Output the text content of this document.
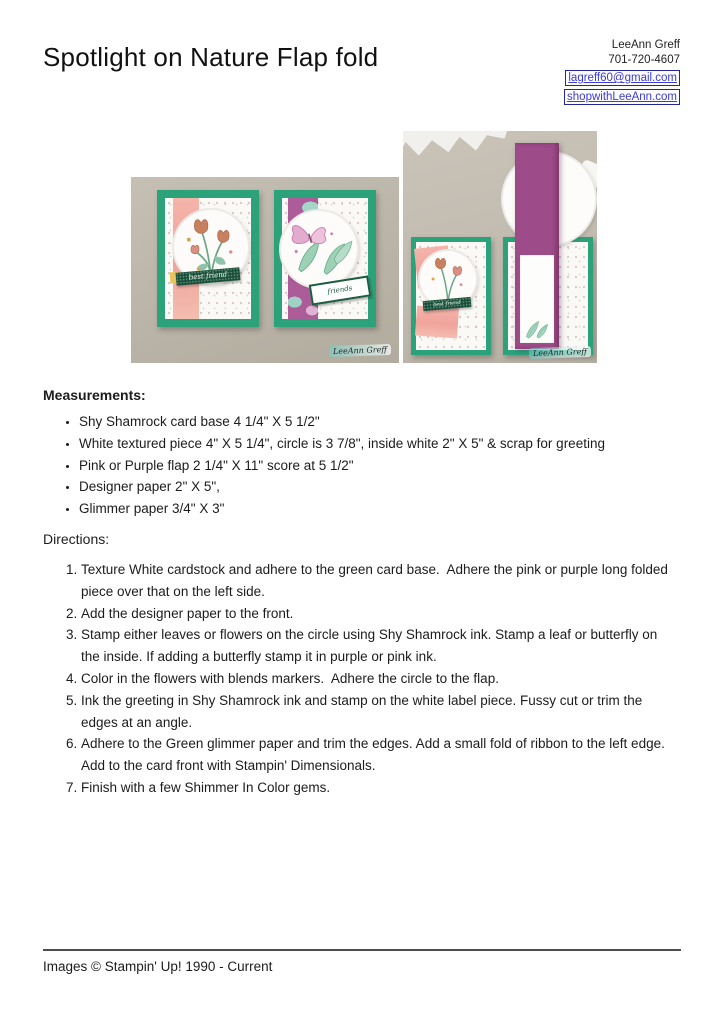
Spotlight on Nature Flap fold	LeeAnn Greff
701-720-4607
lagreff60@gmail.com
shopwithLeeAnn.com
best friend
friends
LeeAnn Greff
best friend
LeeAnn Greff
Measurements:
• Shy Shamrock card base 4 1/4" X 5 1/2"
• White textured piece 4" X 5 1/4", circle is 3 7/8", inside white 2" X 5" & scrap for greeting
• Pink or Purple flap 2 1/4" X 11" score at 5 1/2"
• Designer paper 2" X 5",
• Glimmer paper 3/4" X 3"
Directions:
1. Texture White cardstock and adhere to the green card base.  Adhere the pink or purple long folded piece over that on the left side.
2. Add the designer paper to the front.
3. Stamp either leaves or flowers on the circle using Shy Shamrock ink. Stamp a leaf or butterfly on the inside. If adding a butterfly stamp it in purple or pink ink.
4. Color in the flowers with blends markers.  Adhere the circle to the flap.
5. Ink the greeting in Shy Shamrock ink and stamp on the white label piece. Fussy cut or trim the edges at an angle.
6. Adhere to the Green glimmer paper and trim the edges. Add a small fold of ribbon to the left edge. Add to the card front with Stampin' Dimensionals.
7. Finish with a few Shimmer In Color gems.
Images © Stampin' Up! 1990 - Current
